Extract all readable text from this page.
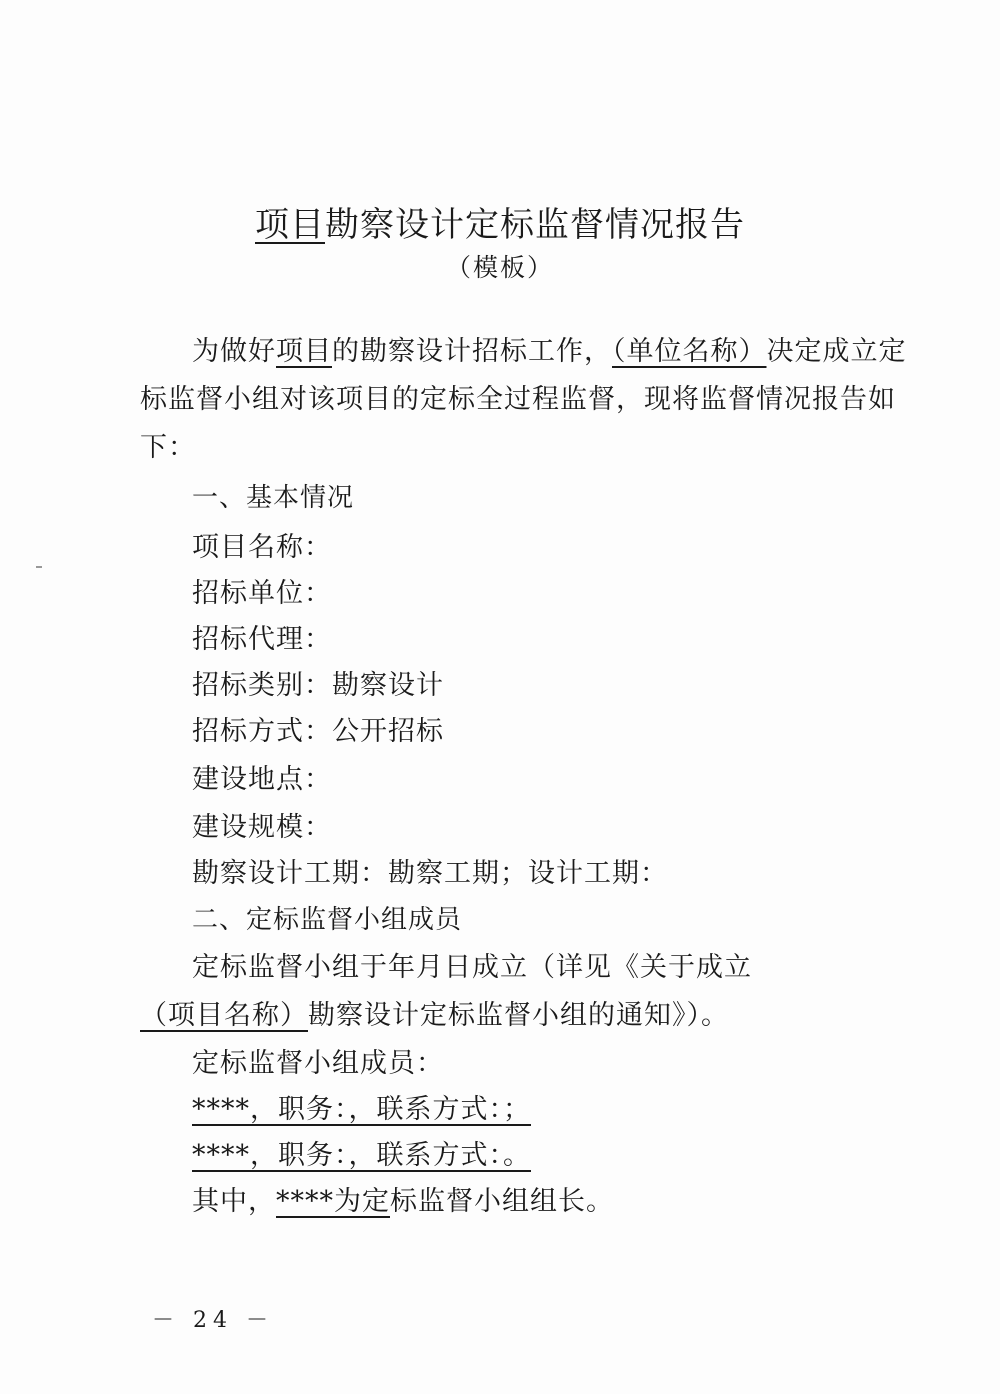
项目勘察设计定标监督情况报告
（模板）
为做好项目的勘察设计招标工作，（单位名称）决定成立定
标监督小组对该项目的定标全过程监督，现将监督情况报告如
下：
一、基本情况
项目名称：
招标单位：
招标代理：
招标类别：勘察设计
招标方式：公开招标
建设地点：
建设规模：
勘察设计工期：勘察工期；设计工期：
二、定标监督小组成员
定标监督小组于年月日成立（详见《关于成立
（项目名称）勘察设计定标监督小组的通知》）。
定标监督小组成员：
****，职务：，联系方式：；
****，职务：，联系方式：。
其中，****为定标监督小组组长。
－ 24 －
